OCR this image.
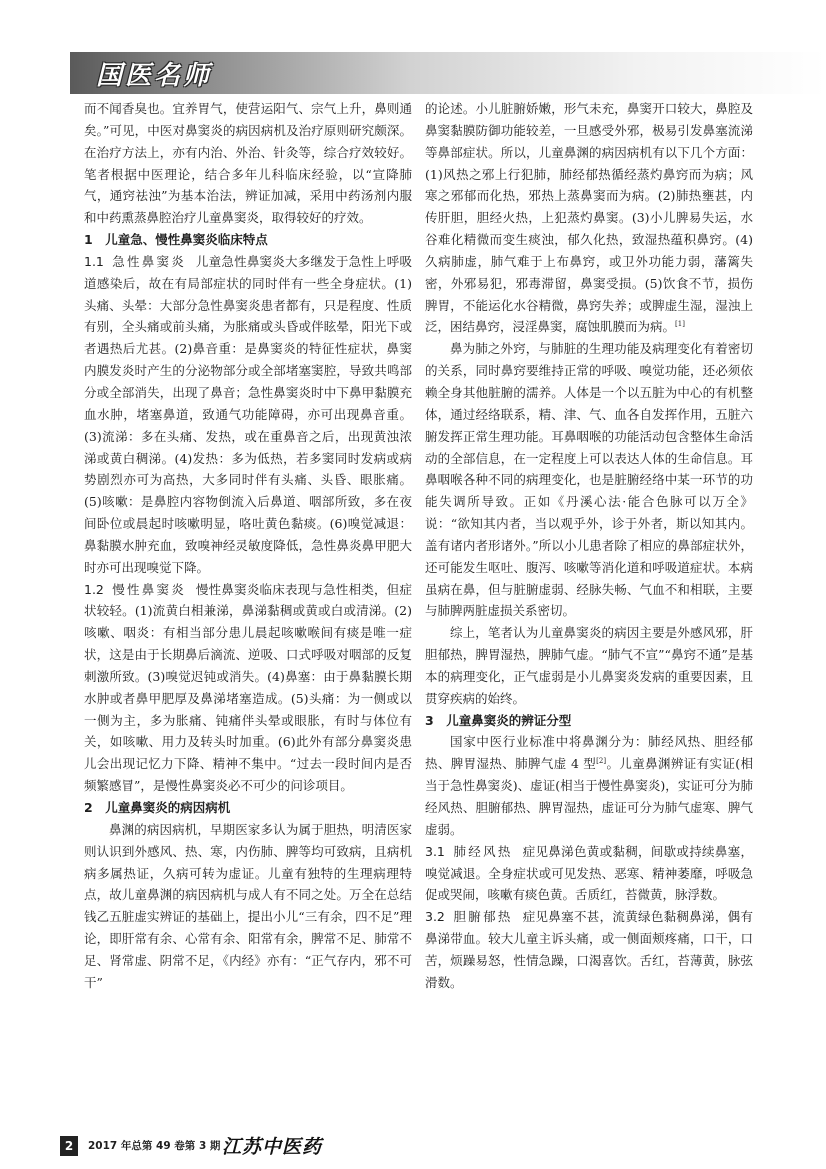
国医名师

而不闻香臭也。宜养胃气，使营运阳气、宗气上升，鼻则通矣。”可见，中医对鼻窦炎的病因病机及治疗原则研究颇深。在治疗方法上，亦有内治、外治、针灸等，综合疗效较好。笔者根据中医理论，结合多年儿科临床经验，以“宣降肺气，通窍祛浊”为基本治法，辨证加减，采用中药汤剂内服和中药熏蒸鼻腔治疗儿童鼻窦炎，取得较好的疗效。

1　儿童急、慢性鼻窦炎临床特点

1.1 急性鼻窦炎 儿童急性鼻窦炎大多继发于急性上呼吸道感染后，故在有局部症状的同时伴有一些全身症状。(1)头痛、头晕：大部分急性鼻窦炎患者都有，只是程度、性质有别，全头痛或前头痛，为胀痛或头昏或伴眩晕，阳光下或者遇热后尤甚。(2)鼻音重：是鼻窦炎的特征性症状，鼻窦内膜发炎时产生的分泌物部分或全部堵塞窦腔，导致共鸣部分或全部消失，出现了鼻音；急性鼻窦炎时中下鼻甲黏膜充血水肿，堵塞鼻道，致通气功能障碍，亦可出现鼻音重。(3)流涕：多在头痛、发热，或在重鼻音之后，出现黄浊浓涕或黄白稠涕。(4)发热：多为低热，若多窦同时发病或病势剧烈亦可为高热，大多同时伴有头痛、头昏、眼胀痛。(5)咳嗽：是鼻腔内容物倒流入后鼻道、咽部所致，多在夜间卧位或晨起时咳嗽明显，咯吐黄色黏痰。(6)嗅觉减退：鼻黏膜水肿充血，致嗅神经灵敏度降低，急性鼻炎鼻甲肥大时亦可出现嗅觉下降。

1.2 慢性鼻窦炎 慢性鼻窦炎临床表现与急性相类，但症状较轻。(1)流黄白相兼涕，鼻涕黏稠或黄或白或清涕。(2)咳嗽、咽炎：有相当部分患儿晨起咳嗽喉间有痰是唯一症状，这是由于长期鼻后滴流、逆吸、口式呼吸对咽部的反复刺激所致。(3)嗅觉迟钝或消失。(4)鼻塞：由于鼻黏膜长期水肿或者鼻甲肥厚及鼻涕堵塞造成。(5)头痛：为一侧或以一侧为主，多为胀痛、钝痛伴头晕或眼胀，有时与体位有关，如咳嗽、用力及转头时加重。(6)此外有部分鼻窦炎患儿会出现记忆力下降、精神不集中。“过去一段时间内是否频繁感冒”，是慢性鼻窦炎必不可少的问诊项目。

2　儿童鼻窦炎的病因病机

鼻渊的病因病机，早期医家多认为属于胆热，明清医家则认识到外感风、热、寒，内伤肺、脾等均可致病，且病机病多属热证，久病可转为虚证。儿童有独特的生理病理特点，故儿童鼻渊的病因病机与成人有不同之处。万全在总结钱乙五脏虚实辨证的基础上，提出小儿“三有余，四不足”理论，即肝常有余、心常有余、阳常有余，脾常不足、肺常不足、肾常虚、阴常不足，《内经》亦有：“正气存内，邪不可干”

的论述。小儿脏腑娇嫩，形气未充，鼻窦开口较大，鼻腔及鼻窦黏膜防御功能较差，一旦感受外邪，极易引发鼻塞流涕等鼻部症状。所以，儿童鼻渊的病因病机有以下几个方面：(1)风热之邪上行犯肺，肺经郁热循经蒸灼鼻窍而为病；风寒之邪郁而化热，邪热上蒸鼻窦而为病。(2)肺热壅甚，内传肝胆，胆经火热，上犯蒸灼鼻窦。(3)小儿脾易失运，水谷难化精微而变生痰浊，郁久化热，致湿热蕴积鼻窍。(4)久病肺虚，肺气难于上布鼻窍，或卫外功能力弱，藩篱失密，外邪易犯，邪毒滞留，鼻窦受损。(5)饮食不节，损伤脾胃，不能运化水谷精微，鼻窍失养；或脾虚生湿，湿浊上泛，困结鼻窍，浸淫鼻窦，腐蚀肌膜而为病。[1]

鼻为肺之外窍，与肺脏的生理功能及病理变化有着密切的关系，同时鼻窍要维持正常的呼吸、嗅觉功能，还必须依赖全身其他脏腑的濡养。人体是一个以五脏为中心的有机整体，通过经络联系，精、津、气、血各自发挥作用，五脏六腑发挥正常生理功能。耳鼻咽喉的功能活动包含整体生命活动的全部信息，在一定程度上可以表达人体的生命信息。耳鼻咽喉各种不同的病理变化，也是脏腑经络中某一环节的功能失调所导致。正如《丹溪心法·能合色脉可以万全》说：“欲知其内者，当以观乎外，诊于外者，斯以知其内。盖有诸内者形诸外。”所以小儿患者除了相应的鼻部症状外，还可能发生呕吐、腹泻、咳嗽等消化道和呼吸道症状。本病虽病在鼻，但与脏腑虚弱、经脉失畅、气血不和相联，主要与肺脾两脏虚损关系密切。

综上，笔者认为儿童鼻窦炎的病因主要是外感风邪，肝胆郁热，脾胃湿热，脾肺气虚。“肺气不宣”“鼻窍不通”是基本的病理变化，正气虚弱是小儿鼻窦炎发病的重要因素，且贯穿疾病的始终。

3　儿童鼻窦炎的辨证分型

国家中医行业标准中将鼻渊分为：肺经风热、胆经郁热、脾胃湿热、肺脾气虚 4 型[2]。儿童鼻渊辨证有实证(相当于急性鼻窦炎)、虚证(相当于慢性鼻窦炎)，实证可分为肺经风热、胆腑郁热、脾胃湿热，虚证可分为肺气虚寒、脾气虚弱。

3.1 肺经风热 症见鼻涕色黄或黏稠，间歇或持续鼻塞，嗅觉减退。全身症状或可见发热、恶寒、精神萎靡，呼吸急促或哭闹，咳嗽有痰色黄。舌质红，苔微黄，脉浮数。

3.2 胆腑郁热 症见鼻塞不甚，流黄绿色黏稠鼻涕，偶有鼻涕带血。较大儿童主诉头痛，或一侧面颊疼痛，口干，口苦，烦躁易怒，性情急躁，口渴喜饮。舌红，苔薄黄，脉弦滑数。

2	2017 年总第 49 卷第 3 期 江苏中医药
